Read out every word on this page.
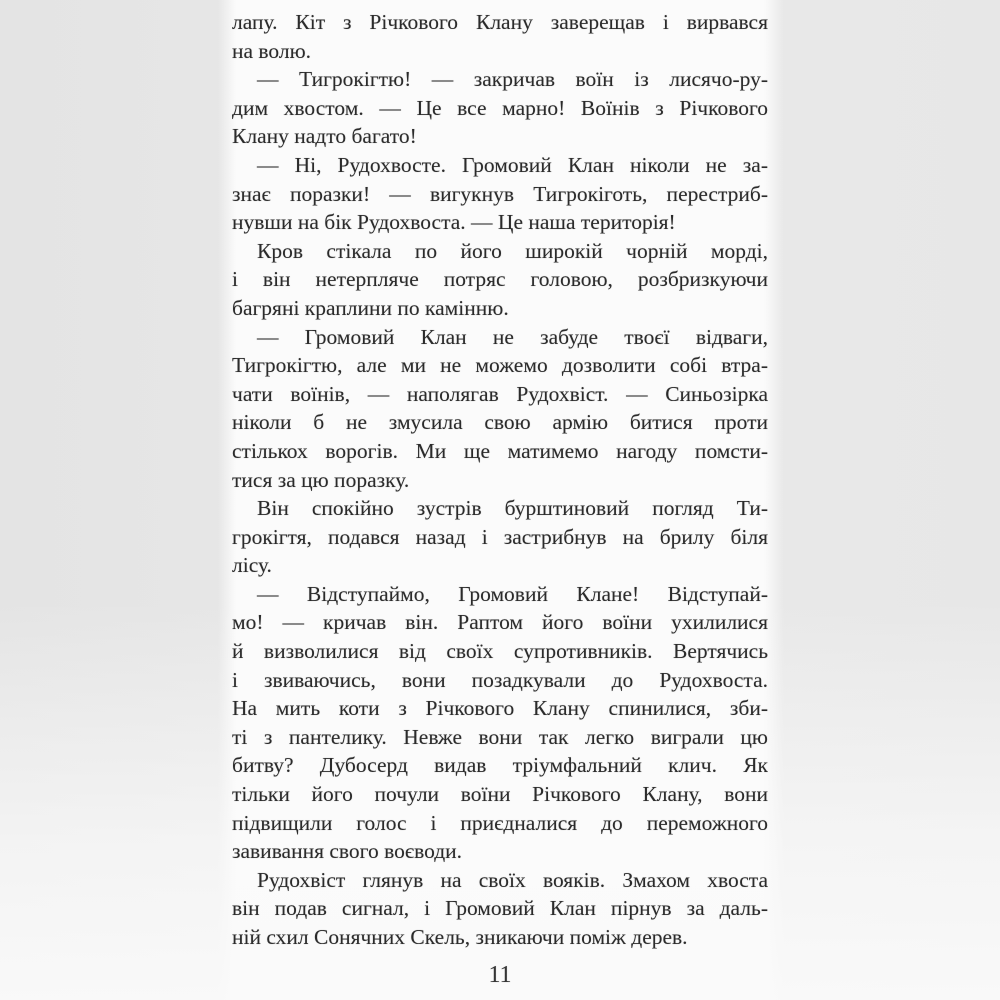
лапу. Кіт з Річкового Клану заверещав і вирвався
на волю.
— Тигрокігтю! — закричав воїн із лисячо-ру-
дим хвостом. — Це все марно! Воїнів з Річкового
Клану надто багато!
— Ні, Рудохвосте. Громовий Клан ніколи не за-
знає поразки! — вигукнув Тигрокіготь, перестриб-
нувши на бік Рудохвоста. — Це наша територія!
Кров стікала по його широкій чорній морді,
і він нетерпляче потряс головою, розбризкуючи
багряні краплини по камінню.
— Громовий Клан не забуде твоєї відваги,
Тигрокігтю, але ми не можемо дозволити собі втра-
чати воїнів, — наполягав Рудохвіст. — Синьозірка
ніколи б не змусила свою армію битися проти
стількох ворогів. Ми ще матимемо нагоду помсти-
тися за цю поразку.
Він спокійно зустрів бурштиновий погляд Ти-
грокігтя, подався назад і застрибнув на брилу біля
лісу.
— Відступаймо, Громовий Клане! Відступай-
мо! — кричав він. Раптом його воїни ухилилися
й визволилися від своїх супротивників. Вертячись
і звиваючись, вони позадкували до Рудохвоста.
На мить коти з Річкового Клану спинилися, зби-
ті з пантелику. Невже вони так легко виграли цю
битву? Дубосерд видав тріумфальний клич. Як
тільки його почули воїни Річкового Клану, вони
підвищили голос і приєдналися до переможного
завивання свого воєводи.
Рудохвіст глянув на своїх вояків. Змахом хвоста
він подав сигнал, і Громовий Клан пірнув за даль-
ній схил Сонячних Скель, зникаючи поміж дерев.
11
